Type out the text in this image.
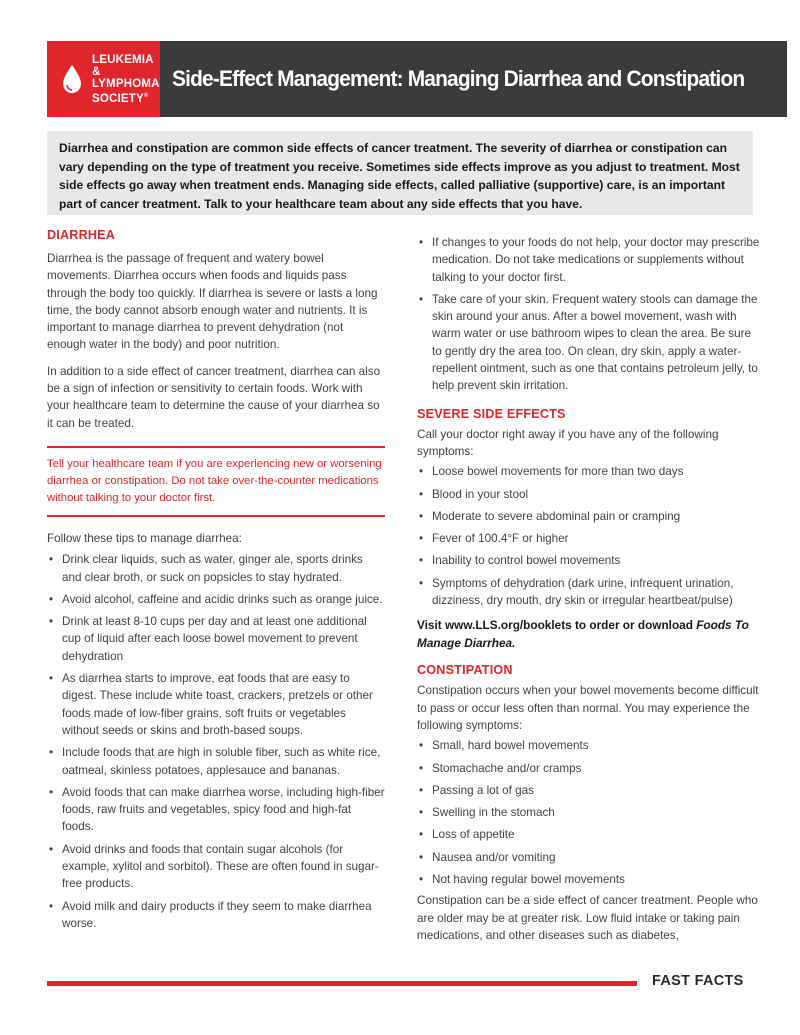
LEUKEMIA &
LYMPHOMA
SOCIETY®
Side-Effect Management: Managing Diarrhea and Constipation
Diarrhea and constipation are common side effects of cancer treatment. The severity of diarrhea or constipation can vary depending on the type of treatment you receive. Sometimes side effects improve as you adjust to treatment. Most side effects go away when treatment ends. Managing side effects, called palliative (supportive) care, is an important part of cancer treatment. Talk to your healthcare team about any side effects that you have.
DIARRHEA

Diarrhea is the passage of frequent and watery bowel movements. Diarrhea occurs when foods and liquids pass through the body too quickly. If diarrhea is severe or lasts a long time, the body cannot absorb enough water and nutrients. It is important to manage diarrhea to prevent dehydration (not enough water in the body) and poor nutrition.

In addition to a side effect of cancer treatment, diarrhea can also be a sign of infection or sensitivity to certain foods. Work with your healthcare team to determine the cause of your diarrhea so it can be treated.

Tell your healthcare team if you are experiencing new or worsening diarrhea or constipation. Do not take over-the-counter medications without talking to your doctor first.

Follow these tips to manage diarrhea:

• Drink clear liquids, such as water, ginger ale, sports drinks and clear broth, or suck on popsicles to stay hydrated.
• Avoid alcohol, caffeine and acidic drinks such as orange juice.
• Drink at least 8-10 cups per day and at least one additional cup of liquid after each loose bowel movement to prevent dehydration
• As diarrhea starts to improve, eat foods that are easy to digest. These include white toast, crackers, pretzels or other foods made of low-fiber grains, soft fruits or vegetables without seeds or skins and broth-based soups.
• Include foods that are high in soluble fiber, such as white rice, oatmeal, skinless potatoes, applesauce and bananas.
• Avoid foods that can make diarrhea worse, including high-fiber foods, raw fruits and vegetables, spicy food and high-fat foods.
• Avoid drinks and foods that contain sugar alcohols (for example, xylitol and sorbitol). These are often found in sugar-free products.
• Avoid milk and dairy products if they seem to make diarrhea worse.
• If changes to your foods do not help, your doctor may prescribe medication. Do not take medications or supplements without talking to your doctor first.
• Take care of your skin. Frequent watery stools can damage the skin around your anus. After a bowel movement, wash with warm water or use bathroom wipes to clean the area. Be sure to gently dry the area too. On clean, dry skin, apply a water-repellent ointment, such as one that contains petroleum jelly, to help prevent skin irritation.
SEVERE SIDE EFFECTS

Call your doctor right away if you have any of the following symptoms:

• Loose bowel movements for more than two days
• Blood in your stool
• Moderate to severe abdominal pain or cramping
• Fever of 100.4°F or higher
• Inability to control bowel movements
• Symptoms of dehydration (dark urine, infrequent urination, dizziness, dry mouth, dry skin or irregular heartbeat/pulse)

Visit www.LLS.org/booklets to order or download Foods To Manage Diarrhea.

CONSTIPATION

Constipation occurs when your bowel movements become difficult to pass or occur less often than normal. You may experience the following symptoms:

• Small, hard bowel movements
• Stomachache and/or cramps
• Passing a lot of gas
• Swelling in the stomach
• Loss of appetite
• Nausea and/or vomiting
• Not having regular bowel movements

Constipation can be a side effect of cancer treatment. People who are older may be at greater risk. Low fluid intake or taking pain medications, and other diseases such as diabetes,

FAST FACTS
